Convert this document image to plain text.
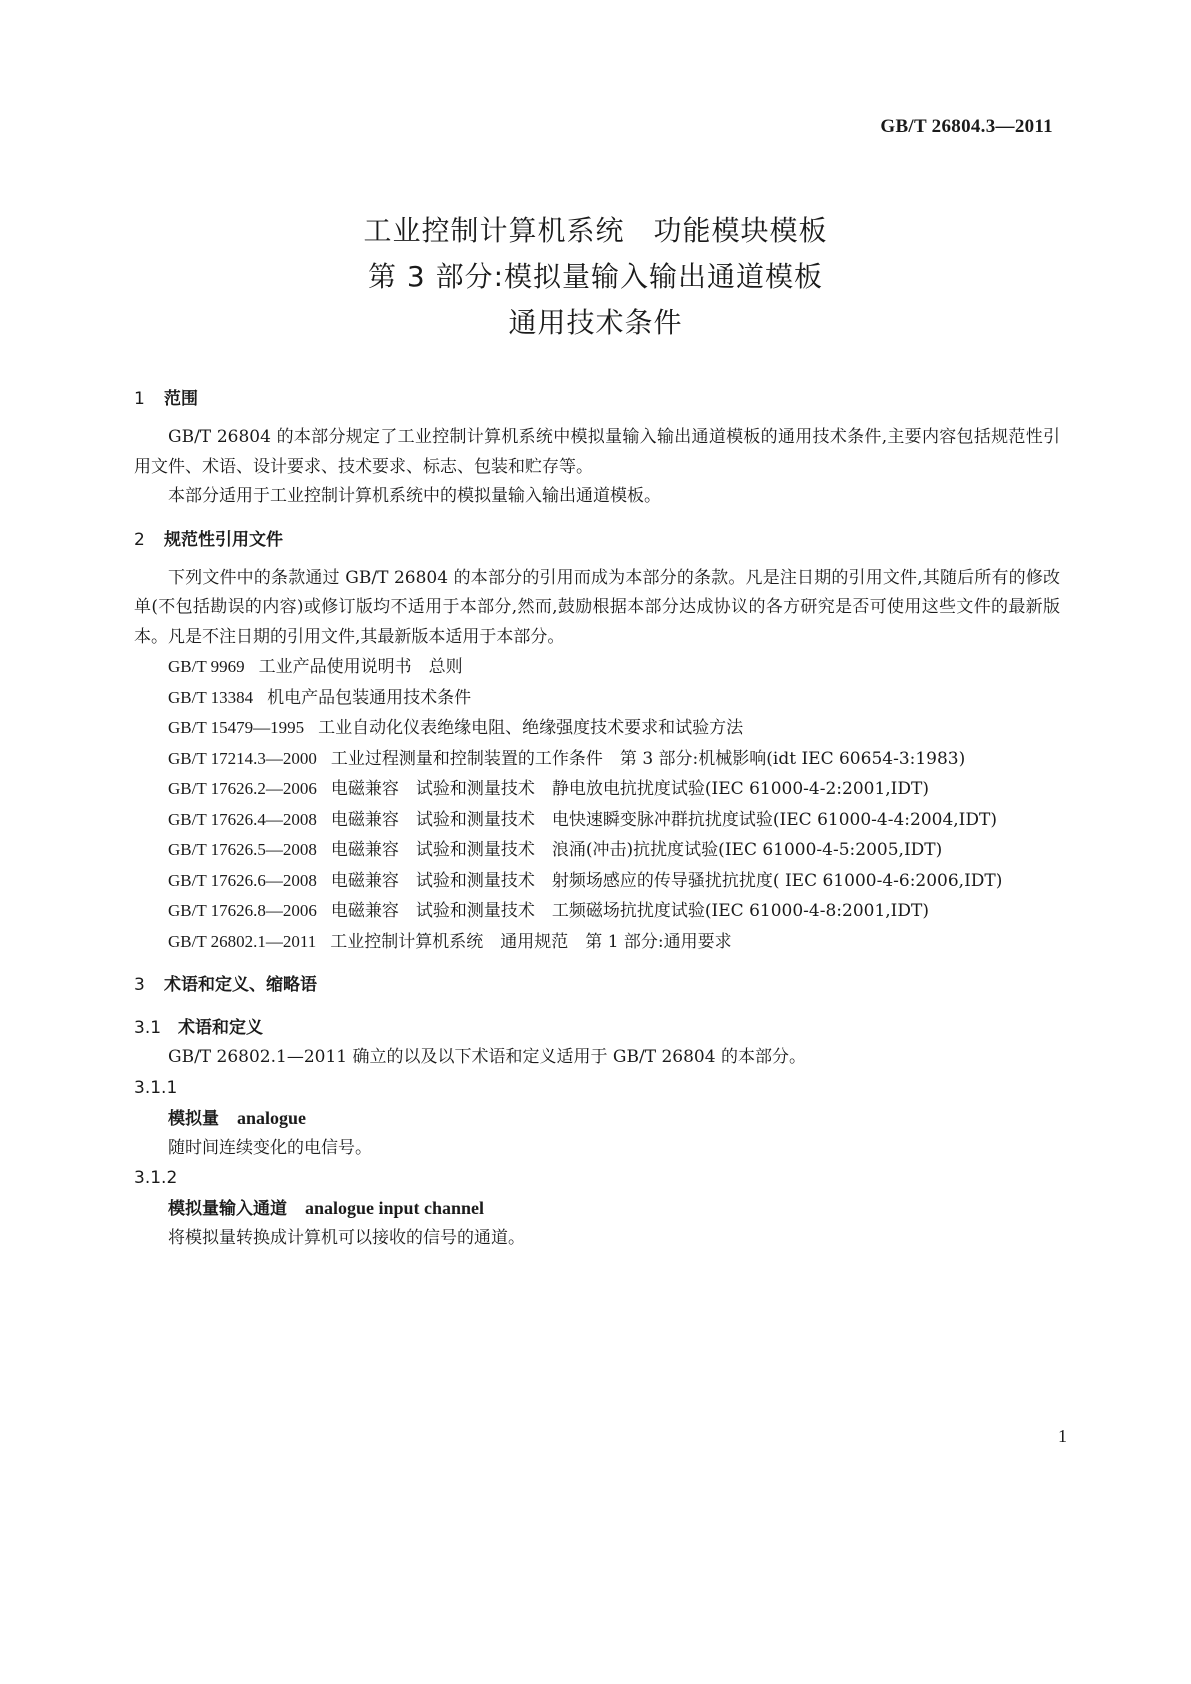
GB/T 26804.3—2011
工业控制计算机系统　功能模块模板
第 3 部分:模拟量输入输出通道模板
通用技术条件
1 范围

GB/T 26804 的本部分规定了工业控制计算机系统中模拟量输入输出通道模板的通用技术条件,主要内容包括规范性引用文件、术语、设计要求、技术要求、标志、包装和贮存等。

本部分适用于工业控制计算机系统中的模拟量输入输出通道模板。

2 规范性引用文件

下列文件中的条款通过 GB/T 26804 的本部分的引用而成为本部分的条款。凡是注日期的引用文件,其随后所有的修改单(不包括勘误的内容)或修订版均不适用于本部分,然而,鼓励根据本部分达成协议的各方研究是否可使用这些文件的最新版本。凡是不注日期的引用文件,其最新版本适用于本部分。

GB/T 9969 工业产品使用说明书　总则

GB/T 13384 机电产品包装通用技术条件

GB/T 15479—1995 工业自动化仪表绝缘电阻、绝缘强度技术要求和试验方法

GB/T 17214.3—2000 工业过程测量和控制装置的工作条件　第 3 部分:机械影响(idt IEC 60654-3:1983)

GB/T 17626.2—2006 电磁兼容　试验和测量技术　静电放电抗扰度试验(IEC 61000-4-2:2001,IDT)

GB/T 17626.4—2008 电磁兼容　试验和测量技术　电快速瞬变脉冲群抗扰度试验(IEC 61000-4-4:2004,IDT)

GB/T 17626.5—2008 电磁兼容　试验和测量技术　浪涌(冲击)抗扰度试验(IEC 61000-4-5:2005,IDT)

GB/T 17626.6—2008 电磁兼容　试验和测量技术　射频场感应的传导骚扰抗扰度( IEC 61000-4-6:2006,IDT)

GB/T 17626.8—2006 电磁兼容　试验和测量技术　工频磁场抗扰度试验(IEC 61000-4-8:2001,IDT)

GB/T 26802.1—2011 工业控制计算机系统　通用规范　第 1 部分:通用要求

3 术语和定义、缩略语
3.1 术语和定义

GB/T 26802.1—2011 确立的以及以下术语和定义适用于 GB/T 26804 的本部分。

3.1.1

模拟量 analogue

随时间连续变化的电信号。

3.1.2

模拟量输入通道 analogue input channel

将模拟量转换成计算机可以接收的信号的通道。

1
